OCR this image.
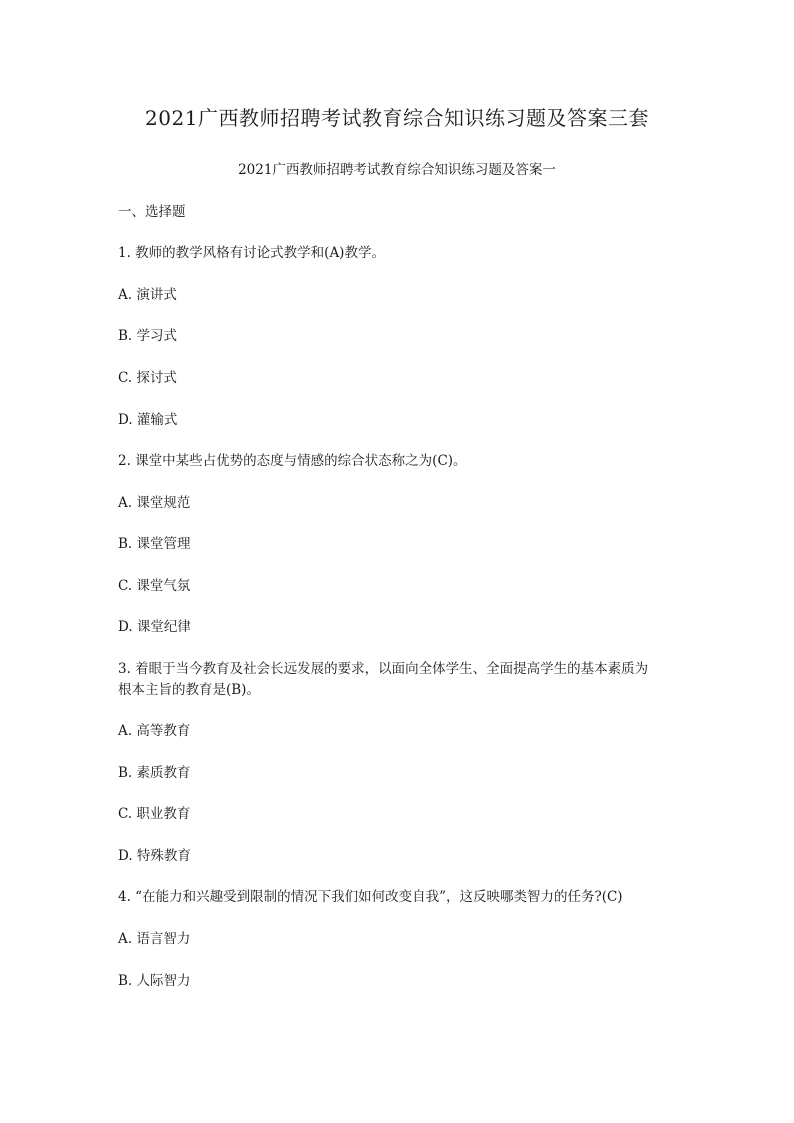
2021广西教师招聘考试教育综合知识练习题及答案三套
2021广西教师招聘考试教育综合知识练习题及答案一
一、选择题
1. 教师的教学风格有讨论式教学和(A)教学。
A. 演讲式
B. 学习式
C. 探讨式
D. 灌输式
2. 课堂中某些占优势的态度与情感的综合状态称之为(C)。
A. 课堂规范
B. 课堂管理
C. 课堂气氛
D. 课堂纪律
3. 着眼于当今教育及社会长远发展的要求，以面向全体学生、全面提高学生的基本素质为
根本主旨的教育是(B)。
A. 高等教育
B. 素质教育
C. 职业教育
D. 特殊教育
4. “在能力和兴趣受到限制的情况下我们如何改变自我”，这反映哪类智力的任务?(C)
A. 语言智力
B. 人际智力
